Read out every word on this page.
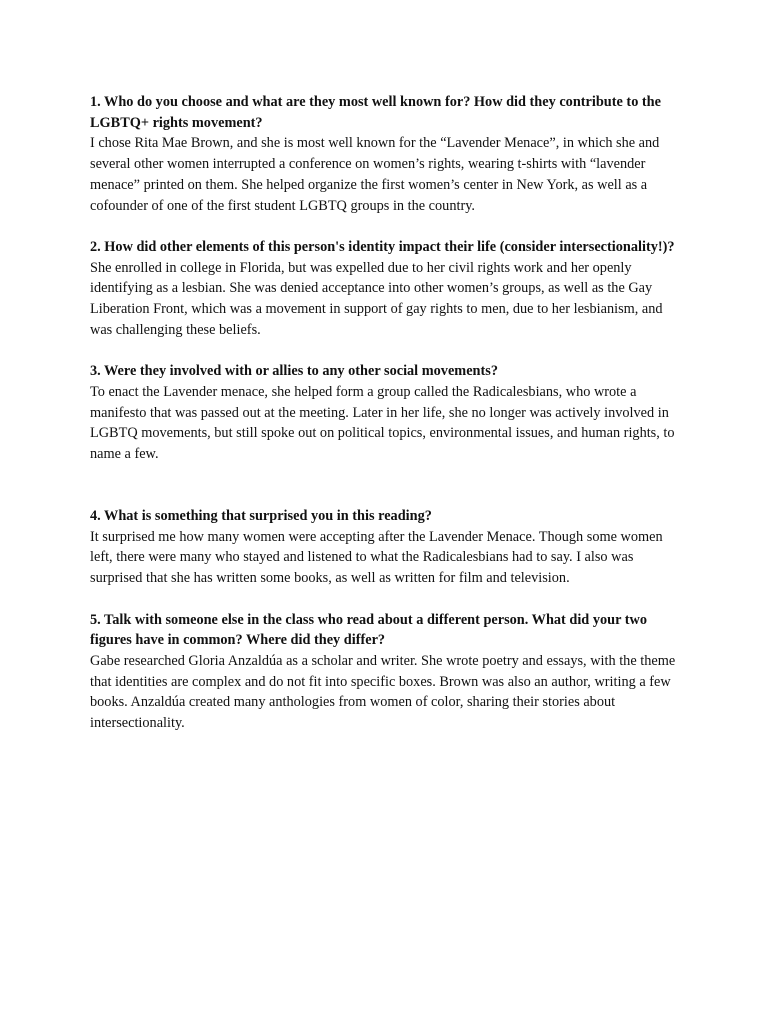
1. Who do you choose and what are they most well known for? How did they contribute to the LGBTQ+ rights movement?

I chose Rita Mae Brown, and she is most well known for the “Lavender Menace”, in which she and several other women interrupted a conference on women’s rights, wearing t-shirts with “lavender menace” printed on them. She helped organize the first women’s center in New York, as well as a cofounder of one of the first student LGBTQ groups in the country.

2. How did other elements of this person's identity impact their life (consider intersectionality!)?

She enrolled in college in Florida, but was expelled due to her civil rights work and her openly identifying as a lesbian. She was denied acceptance into other women’s groups, as well as the Gay Liberation Front, which was a movement in support of gay rights to men, due to her lesbianism, and was challenging these beliefs.

3. Were they involved with or allies to any other social movements?

To enact the Lavender menace, she helped form a group called the Radicalesbians, who wrote a manifesto that was passed out at the meeting. Later in her life, she no longer was actively involved in LGBTQ movements, but still spoke out on political topics, environmental issues, and human rights, to name a few.

4. What is something that surprised you in this reading?

It surprised me how many women were accepting after the Lavender Menace. Though some women left, there were many who stayed and listened to what the Radicalesbians had to say. I also was surprised that she has written some books, as well as written for film and television.

5. Talk with someone else in the class who read about a different person. What did your two figures have in common? Where did they differ?

Gabe researched Gloria Anzaldúa as a scholar and writer. She wrote poetry and essays, with the theme that identities are complex and do not fit into specific boxes. Brown was also an author, writing a few books. Anzaldúa created many anthologies from women of color, sharing their stories about intersectionality.
